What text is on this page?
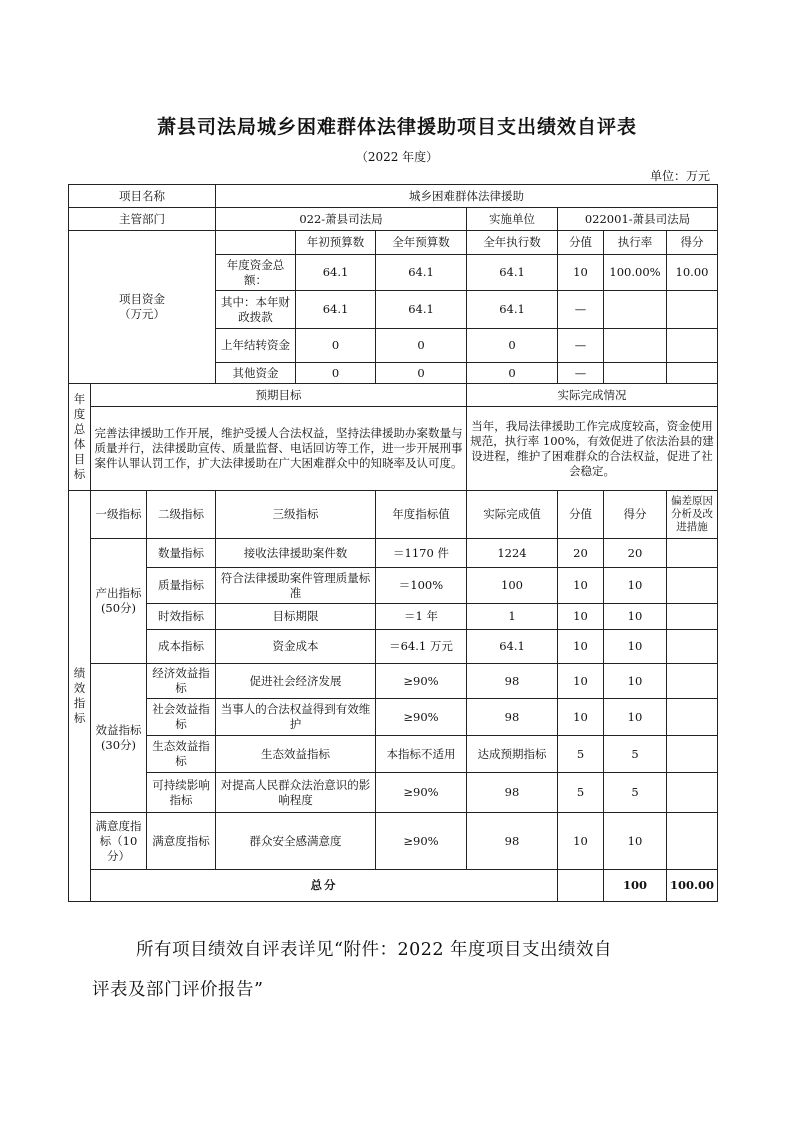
萧县司法局城乡困难群体法律援助项目支出绩效自评表
（2022 年度）
单位：万元
项目名称			城乡困难群体法律援助							
主管部门			022-萧县司法局			实施单位	022001-萧县司法局			
项目资金
（万元）				年初预算数	全年预算数	全年执行数	分值	执行率	得分	
			年度资金总额：	64.1	64.1	64.1	10	100.00%	10.00	
			其中：本年财政拨款	64.1	64.1	64.1	—			
			上年结转资金	0	0	0	—			
			其他资金	0	0	0	—			
年度总体目标	预期目标					实际完成情况				
	完善法律援助工作开展，维护受援人合法权益，坚持法律援助办案数量与质量并行，法律援助宣传、质量监督、电话回访等工作，进一步开展刑事案件认罪认罚工作，扩大法律援助在广大困难群众中的知晓率及认可度。					当年，我局法律援助工作完成度较高，资金使用规范，执行率 100%，有效促进了依法治县的建设进程，维护了困难群众的合法权益，促进了社会稳定。				
绩效指标	一级指标	二级指标	三级指标		年度指标值	实际完成值	分值	得分	偏差原因分析及改进措施	
	产出指标(50分)	数量指标	接收法律援助案件数		＝1170 件	1224	20	20		
		质量指标	符合法律援助案件管理质量标准		＝100%	100	10	10		
		时效指标	目标期限		＝1 年	1	10	10		
		成本指标	资金成本		＝64.1 万元	64.1	10	10		
	效益指标(30分)	经济效益指标	促进社会经济发展		≥90%	98	10	10		
		社会效益指标	当事人的合法权益得到有效维护		≥90%	98	10	10		
		生态效益指标	生态效益指标		本指标不适用	达成预期指标	5	5		
		可持续影响指标	对提高人民群众法治意识的影响程度		≥90%	98	5	5		
	满意度指标（10 分）	满意度指标	群众安全感满意度		≥90%	98	10	10		
	总分							100	100.00	

所有项目绩效自评表详见“附件：2022 年度项目支出绩效自

评表及部门评价报告”
